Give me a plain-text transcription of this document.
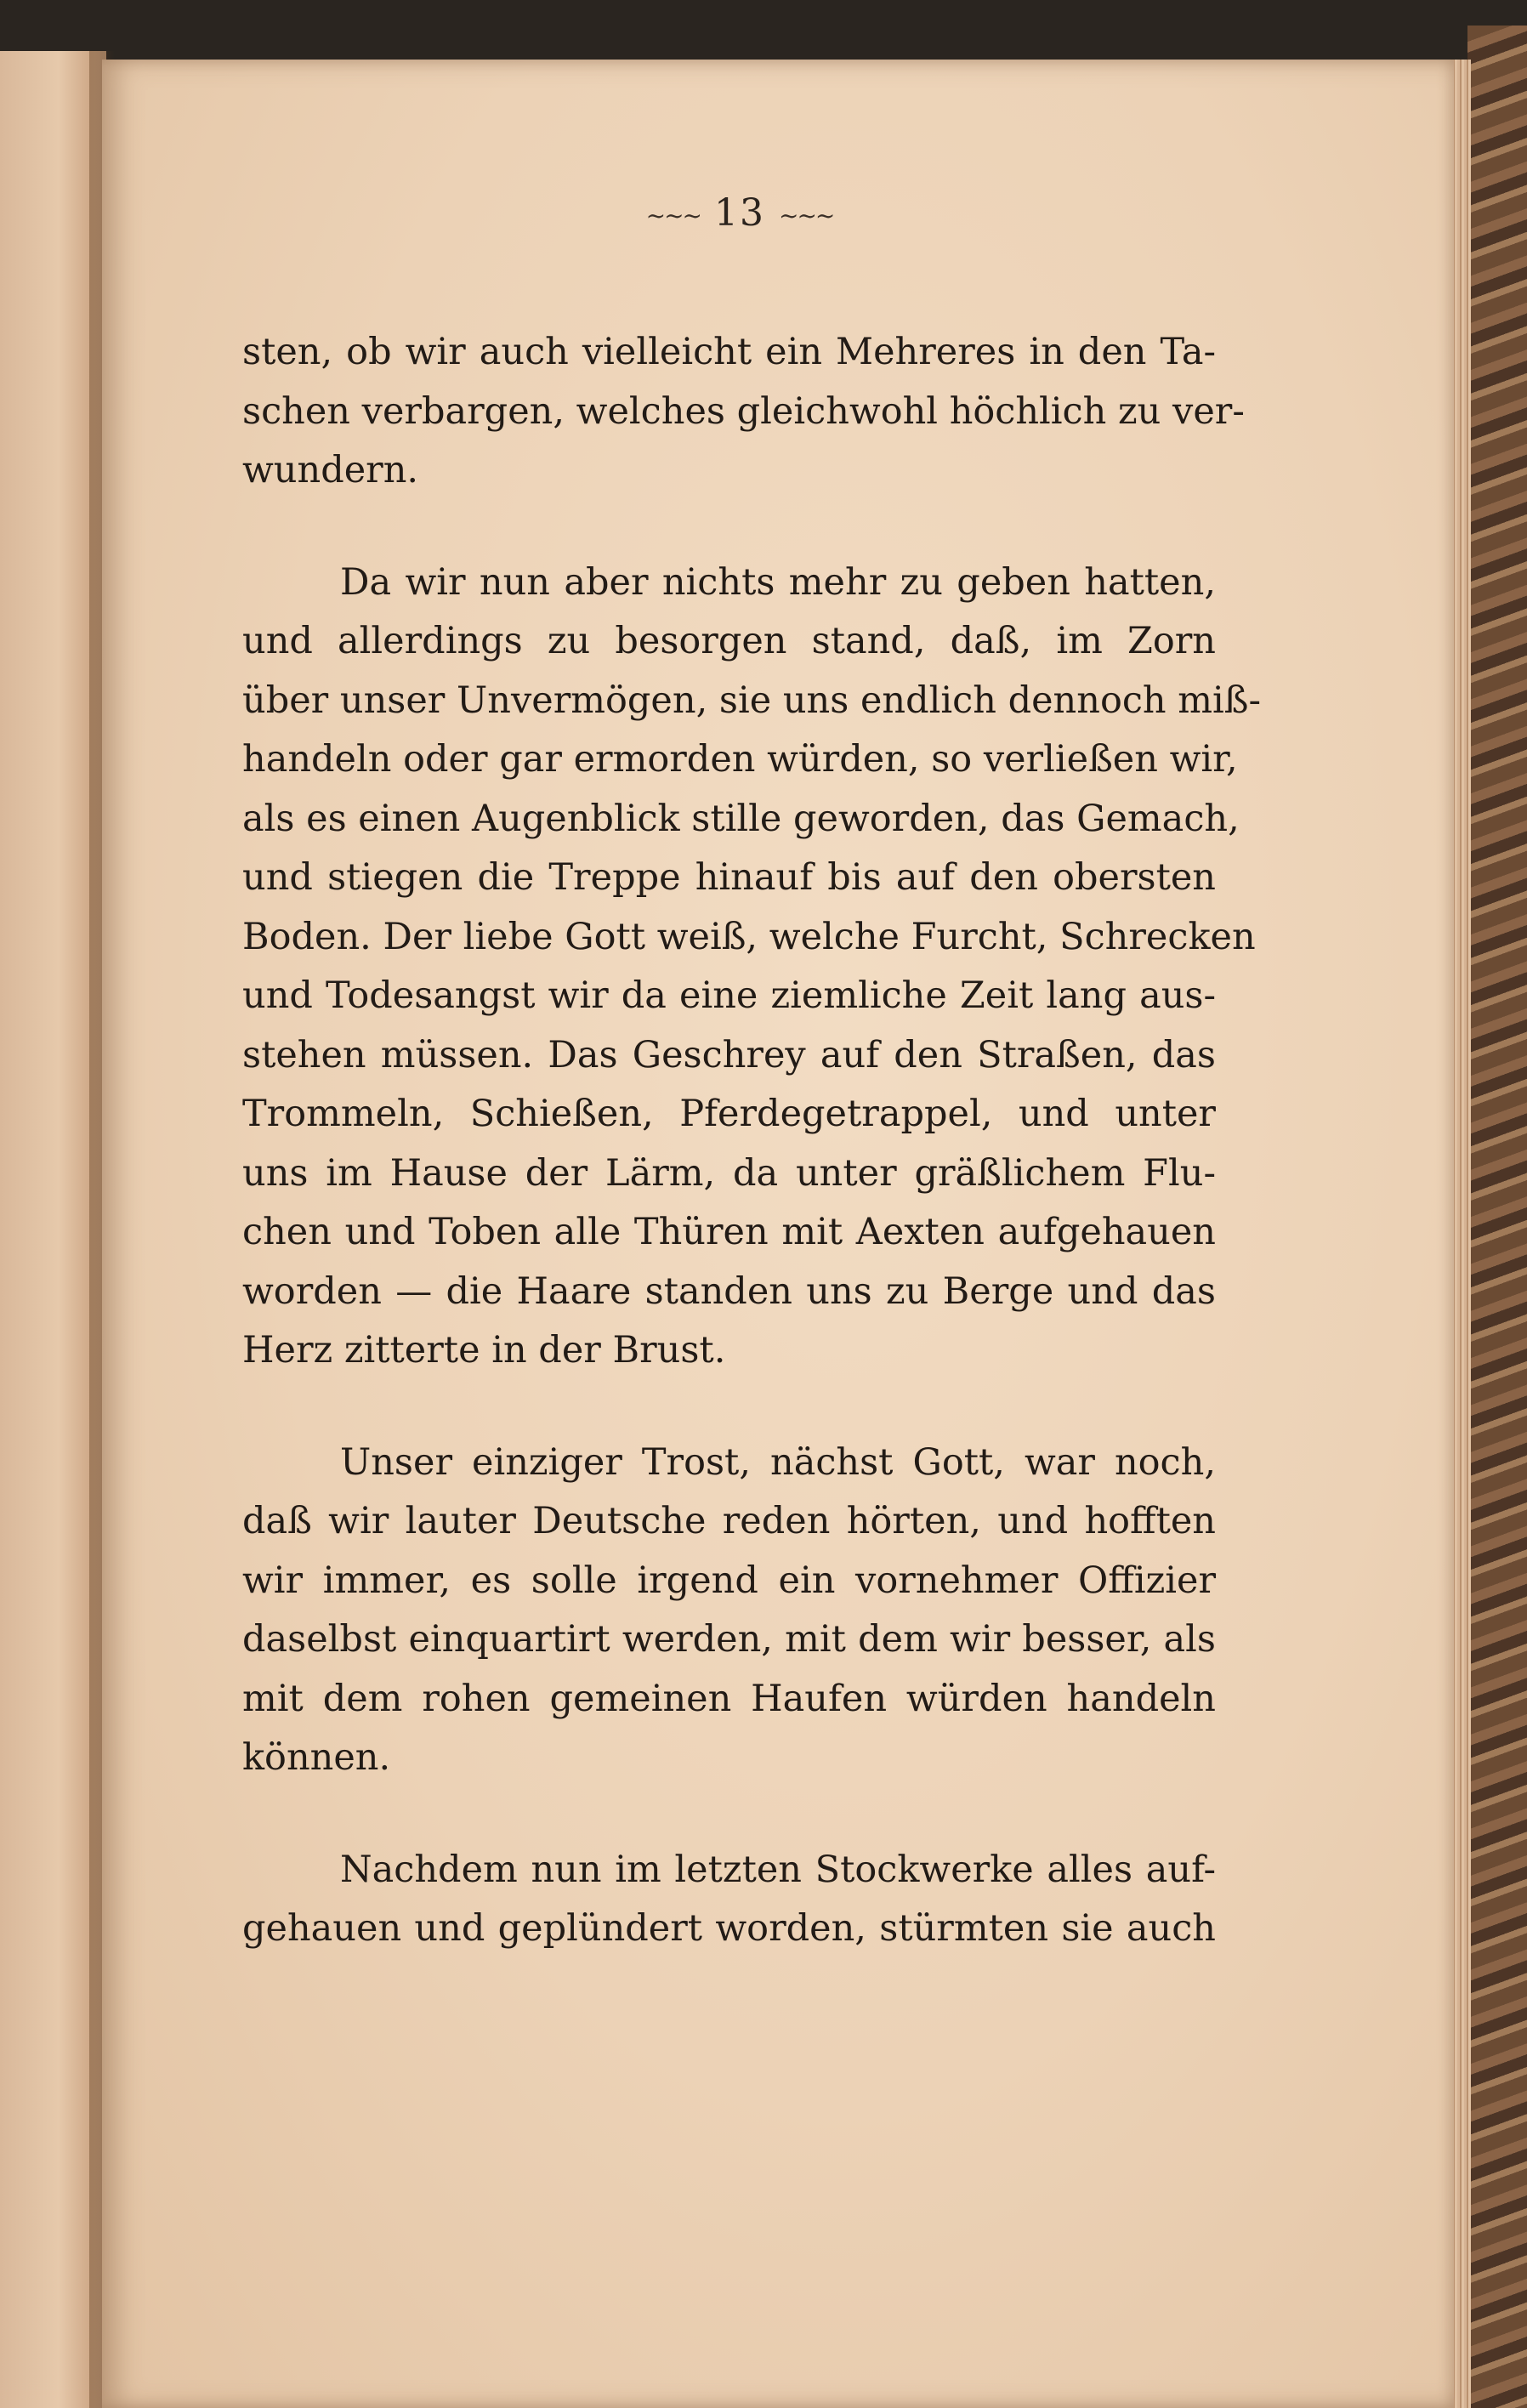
~~~ 13 ~~~
sten, ob wir auch vielleicht ein Mehreres in den Ta-
schen verbargen, welches gleichwohl höchlich zu ver-
wundern.
Da wir nun aber nichts mehr zu geben hatten,
und allerdings zu besorgen stand, daß, im Zorn
über unser Unvermögen, sie uns endlich dennoch miß-
handeln oder gar ermorden würden, so verließen wir,
als es einen Augenblick stille geworden, das Gemach,
und stiegen die Treppe hinauf bis auf den obersten
Boden. Der liebe Gott weiß, welche Furcht, Schrecken
und Todesangst wir da eine ziemliche Zeit lang aus-
stehen müssen. Das Geschrey auf den Straßen, das
Trommeln, Schießen, Pferdegetrappel, und unter
uns im Hause der Lärm, da unter gräßlichem Flu-
chen und Toben alle Thüren mit Aexten aufgehauen
worden — die Haare standen uns zu Berge und das
Herz zitterte in der Brust.
Unser einziger Trost, nächst Gott, war noch,
daß wir lauter Deutsche reden hörten, und hofften
wir immer, es solle irgend ein vornehmer Offizier
daselbst einquartirt werden, mit dem wir besser, als
mit dem rohen gemeinen Haufen würden handeln
können.
Nachdem nun im letzten Stockwerke alles auf-
gehauen und geplündert worden, stürmten sie auch
